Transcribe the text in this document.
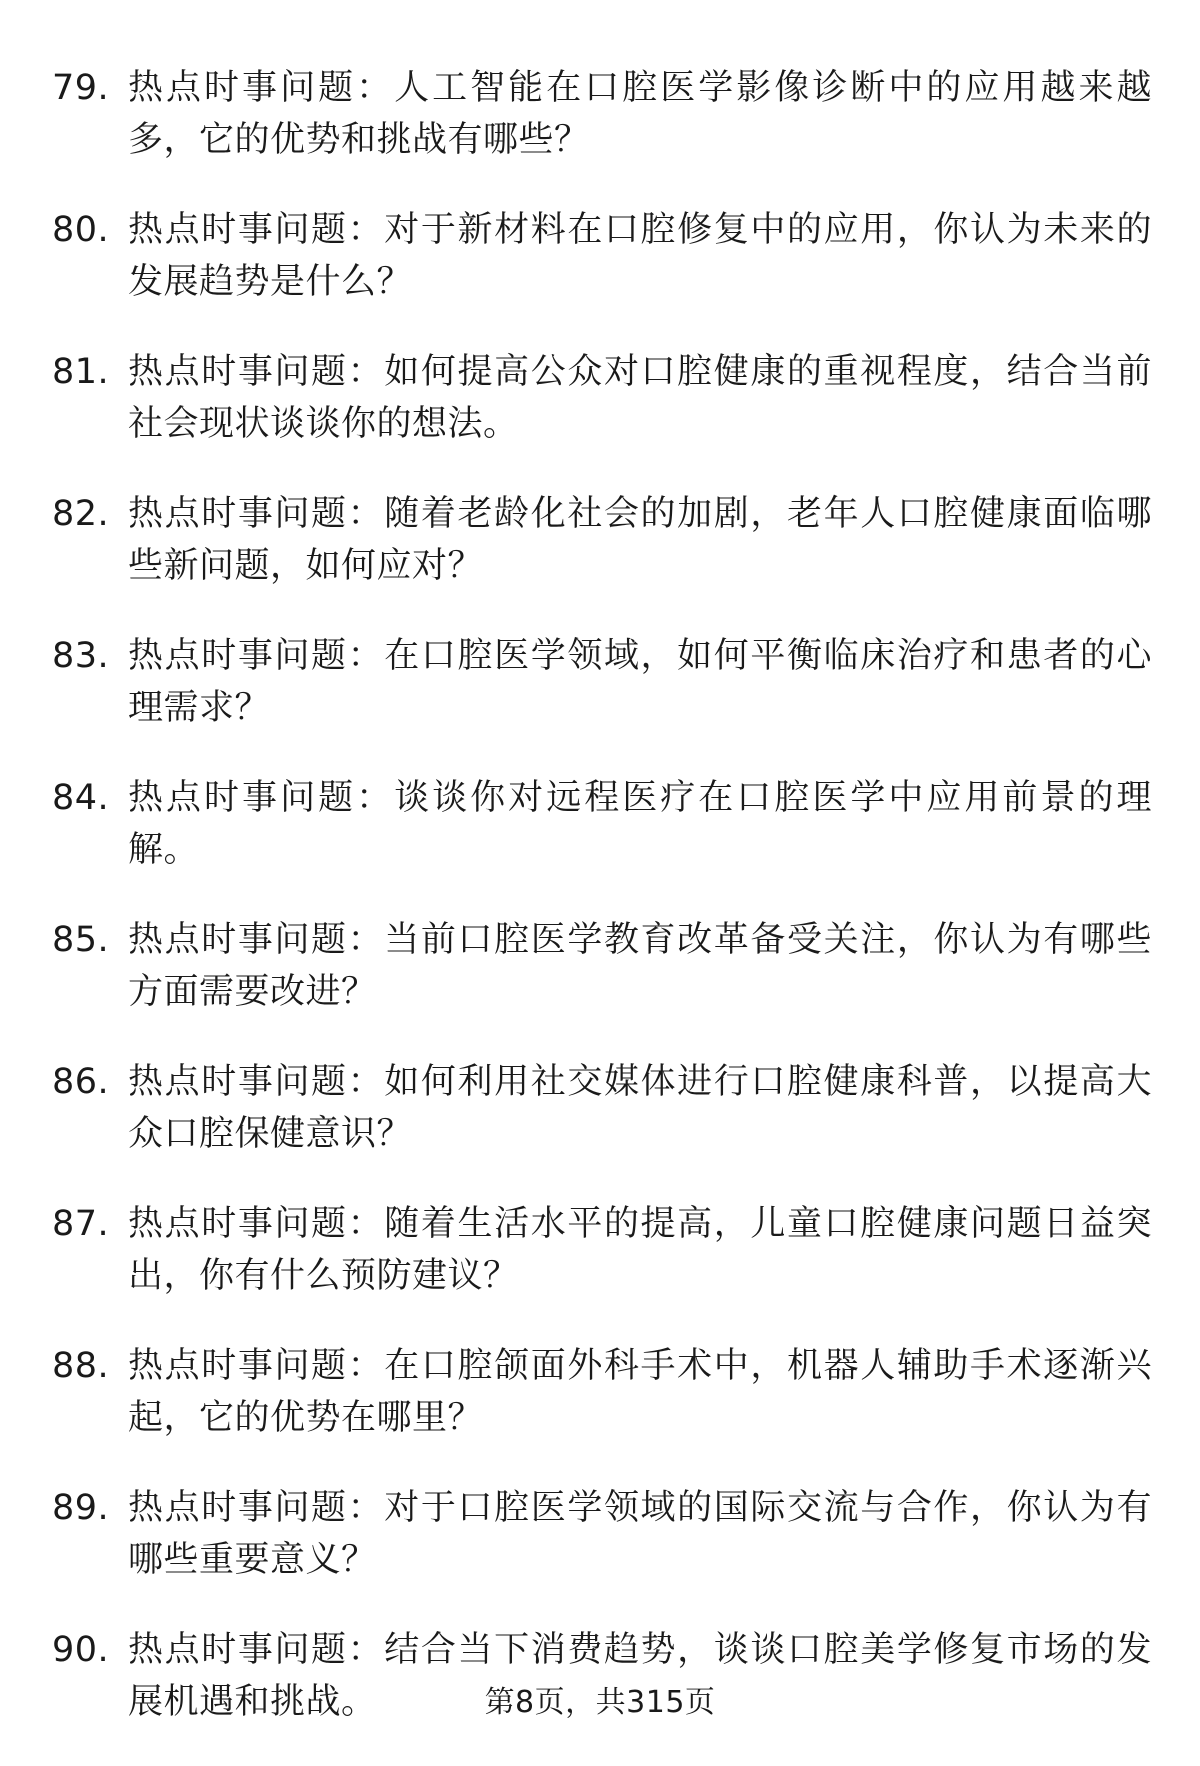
79. 热点时事问题：人工智能在口腔医学影像诊断中的应用越来越多，它的优势和挑战有哪些？
80. 热点时事问题：对于新材料在口腔修复中的应用，你认为未来的发展趋势是什么？
81. 热点时事问题：如何提高公众对口腔健康的重视程度，结合当前社会现状谈谈你的想法。
82. 热点时事问题：随着老龄化社会的加剧，老年人口腔健康面临哪些新问题，如何应对？
83. 热点时事问题：在口腔医学领域，如何平衡临床治疗和患者的心理需求？
84. 热点时事问题：谈谈你对远程医疗在口腔医学中应用前景的理解。
85. 热点时事问题：当前口腔医学教育改革备受关注，你认为有哪些方面需要改进？
86. 热点时事问题：如何利用社交媒体进行口腔健康科普，以提高大众口腔保健意识？
87. 热点时事问题：随着生活水平的提高，儿童口腔健康问题日益突出，你有什么预防建议？
88. 热点时事问题：在口腔颌面外科手术中，机器人辅助手术逐渐兴起，它的优势在哪里？
89. 热点时事问题：对于口腔医学领域的国际交流与合作，你认为有哪些重要意义？
90. 热点时事问题：结合当下消费趋势，谈谈口腔美学修复市场的发展机遇和挑战。	第8页，共315页
